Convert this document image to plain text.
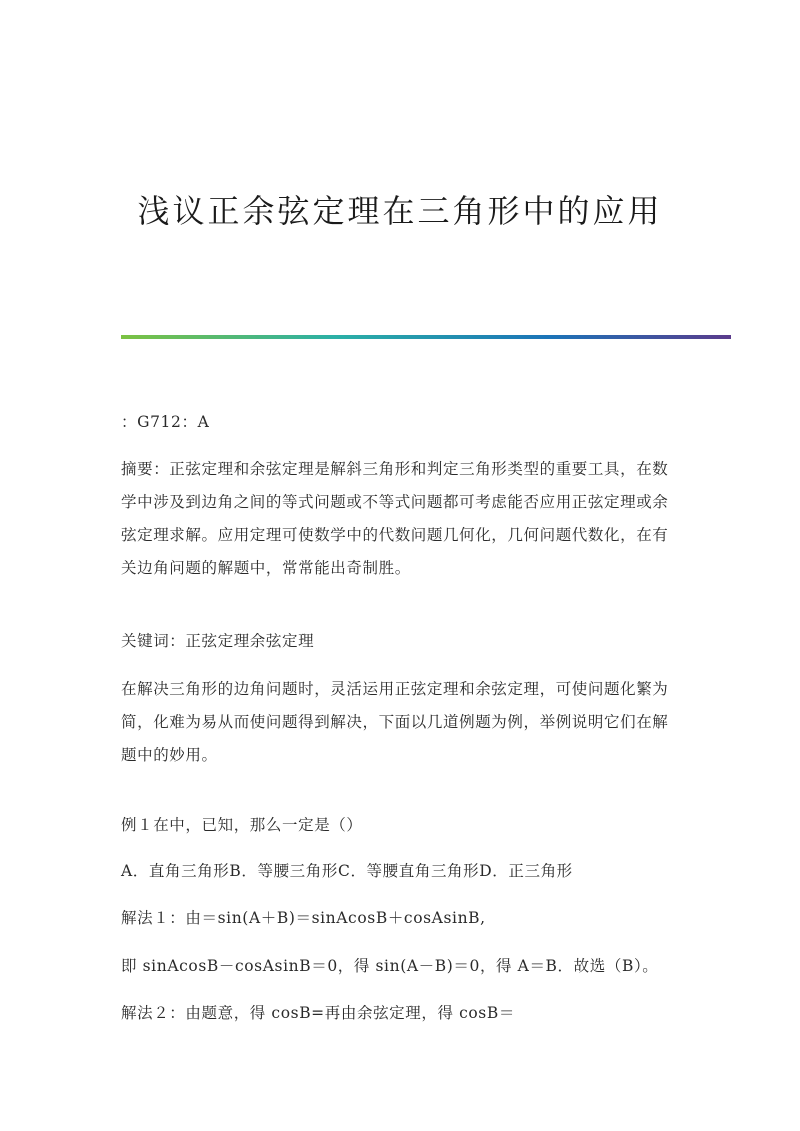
浅议正余弦定理在三角形中的应用

：G712：A

摘要：正弦定理和余弦定理是解斜三角形和判定三角形类型的重要工具，在数
学中涉及到边角之间的等式问题或不等式问题都可考虑能否应用正弦定理或余
弦定理求解。应用定理可使数学中的代数问题几何化，几何问题代数化，在有
关边角问题的解题中，常常能出奇制胜。

关键词：正弦定理余弦定理

在解决三角形的边角问题时，灵活运用正弦定理和余弦定理，可使问题化繁为
简，化难为易从而使问题得到解决，下面以几道例题为例，举例说明它们在解
题中的妙用。

例１在中，已知，那么一定是（）

A．直角三角形B．等腰三角形C．等腰直角三角形D．正三角形

解法１：由＝sin(A＋B)＝sinAcosB＋cosAsinB,

即 sinAcosB－cosAsinB＝0，得 sin(A－B)＝0，得 A＝B．故选（B）。

解法２：由题意，得 cosB=再由余弦定理，得 cosB＝
